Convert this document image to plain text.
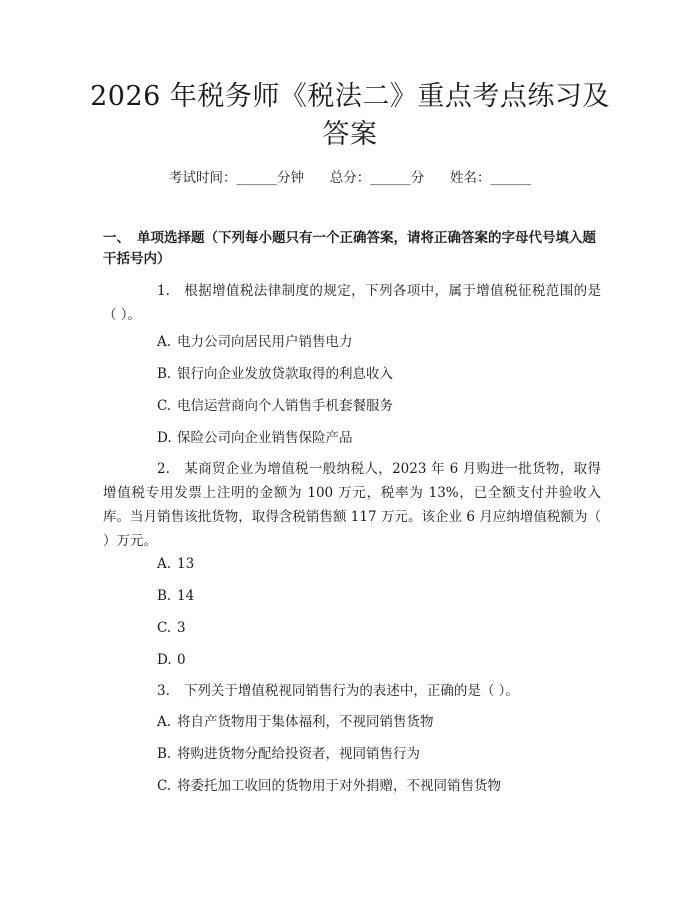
2026 年税务师《税法二》重点考点练习及答案
考试时间：______分钟      总分：______分      姓名：______
一、 单项选择题（下列每小题只有一个正确答案，请将正确答案的字母代号填入题干括号内）
1. 根据增值税法律制度的规定，下列各项中，属于增值税征税范围的是（ ）。
A. 电力公司向居民用户销售电力
B. 银行向企业发放贷款取得的利息收入
C. 电信运营商向个人销售手机套餐服务
D. 保险公司向企业销售保险产品
2. 某商贸企业为增值税一般纳税人，2023 年 6 月购进一批货物，取得增值税专用发票上注明的金额为 100 万元，税率为 13%，已全额支付并验收入库。当月销售该批货物，取得含税销售额 117 万元。该企业 6 月应纳增值税额为（ ）万元。
A. 13
B. 14
C. 3
D. 0
3. 下列关于增值税视同销售行为的表述中，正确的是（ ）。
A. 将自产货物用于集体福利，不视同销售货物
B. 将购进货物分配给投资者，视同销售行为
C. 将委托加工收回的货物用于对外捐赠，不视同销售货物
